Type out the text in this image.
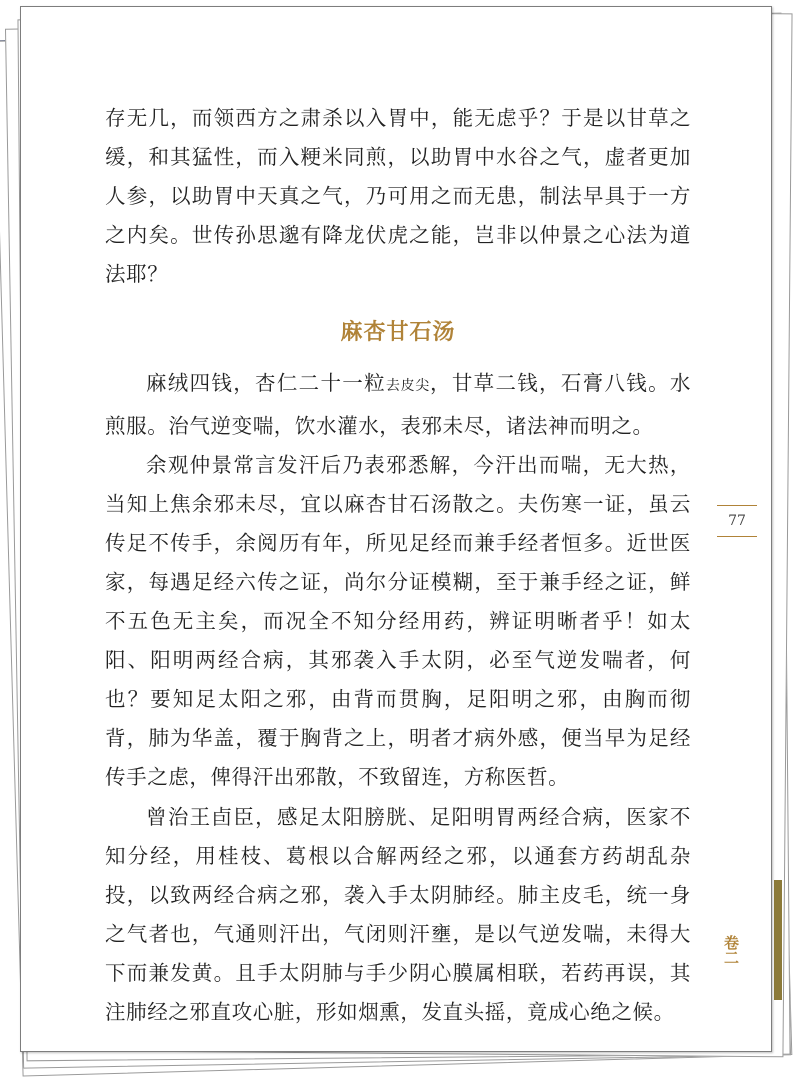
存无几，而领西方之肃杀以入胃中，能无虑乎？于是以甘草之缓，和其猛性，而入粳米同煎，以助胃中水谷之气，虚者更加人参，以助胃中天真之气，乃可用之而无患，制法早具于一方之内矣。世传孙思邈有降龙伏虎之能，岂非以仲景之心法为道法耶？

麻杏甘石汤

麻绒四钱，杏仁二十一粒去皮尖，甘草二钱，石膏八钱。水煎服。治气逆变喘，饮水灌水，表邪未尽，诸法神而明之。

余观仲景常言发汗后乃表邪悉解，今汗出而喘，无大热，当知上焦余邪未尽，宜以麻杏甘石汤散之。夫伤寒一证，虽云传足不传手，余阅历有年，所见足经而兼手经者恒多。近世医家，每遇足经六传之证，尚尔分证模糊，至于兼手经之证，鲜不五色无主矣，而况全不知分经用药，辨证明晰者乎！如太阳、阳明两经合病，其邪袭入手太阴，必至气逆发喘者，何也？要知足太阳之邪，由背而贯胸，足阳明之邪，由胸而彻背，肺为华盖，覆于胸背之上，明者才病外感，便当早为足经传手之虑，俾得汗出邪散，不致留连，方称医哲。

曾治王卣臣，感足太阳膀胱、足阳明胃两经合病，医家不知分经，用桂枝、葛根以合解两经之邪，以通套方药胡乱杂投，以致两经合病之邪，袭入手太阴肺经。肺主皮毛，统一身之气者也，气通则汗出，气闭则汗壅，是以气逆发喘，未得大下而兼发黄。且手太阴肺与手少阴心膜属相联，若药再误，其注肺经之邪直攻心脏，形如烟熏，发直头摇，竟成心绝之候。

77
卷二
